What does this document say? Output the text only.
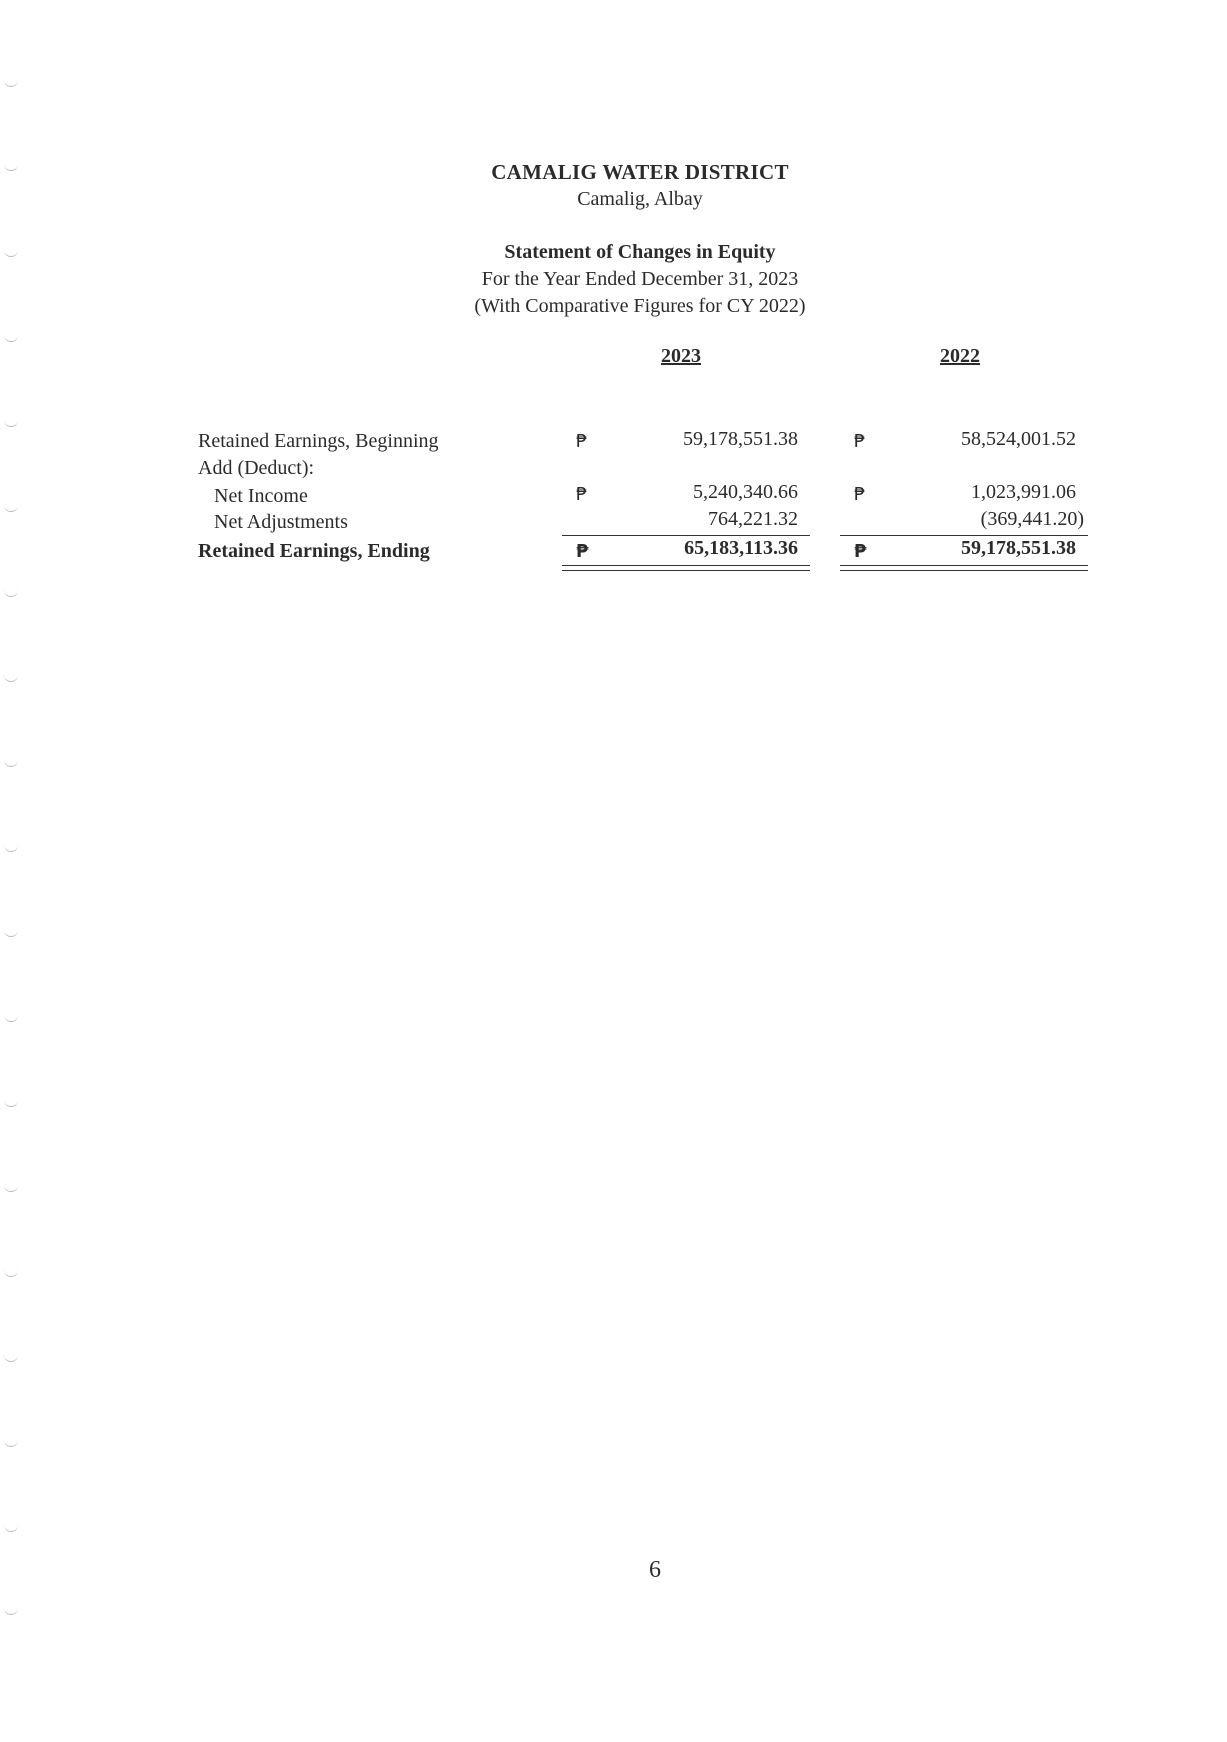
CAMALIG WATER DISTRICT
Camalig, Albay
Statement of Changes in Equity
For the Year Ended December 31, 2023
(With Comparative Figures for CY 2022)
2023	2022
Retained Earnings, Beginning	₱	59,178,551.38	₱	58,524,001.52
Add (Deduct):
Net Income	₱	5,240,340.66	₱	1,023,991.06
Net Adjustments	764,221.32	(369,441.20)
Retained Earnings, Ending	₱	65,183,113.36	₱	59,178,551.38
6
